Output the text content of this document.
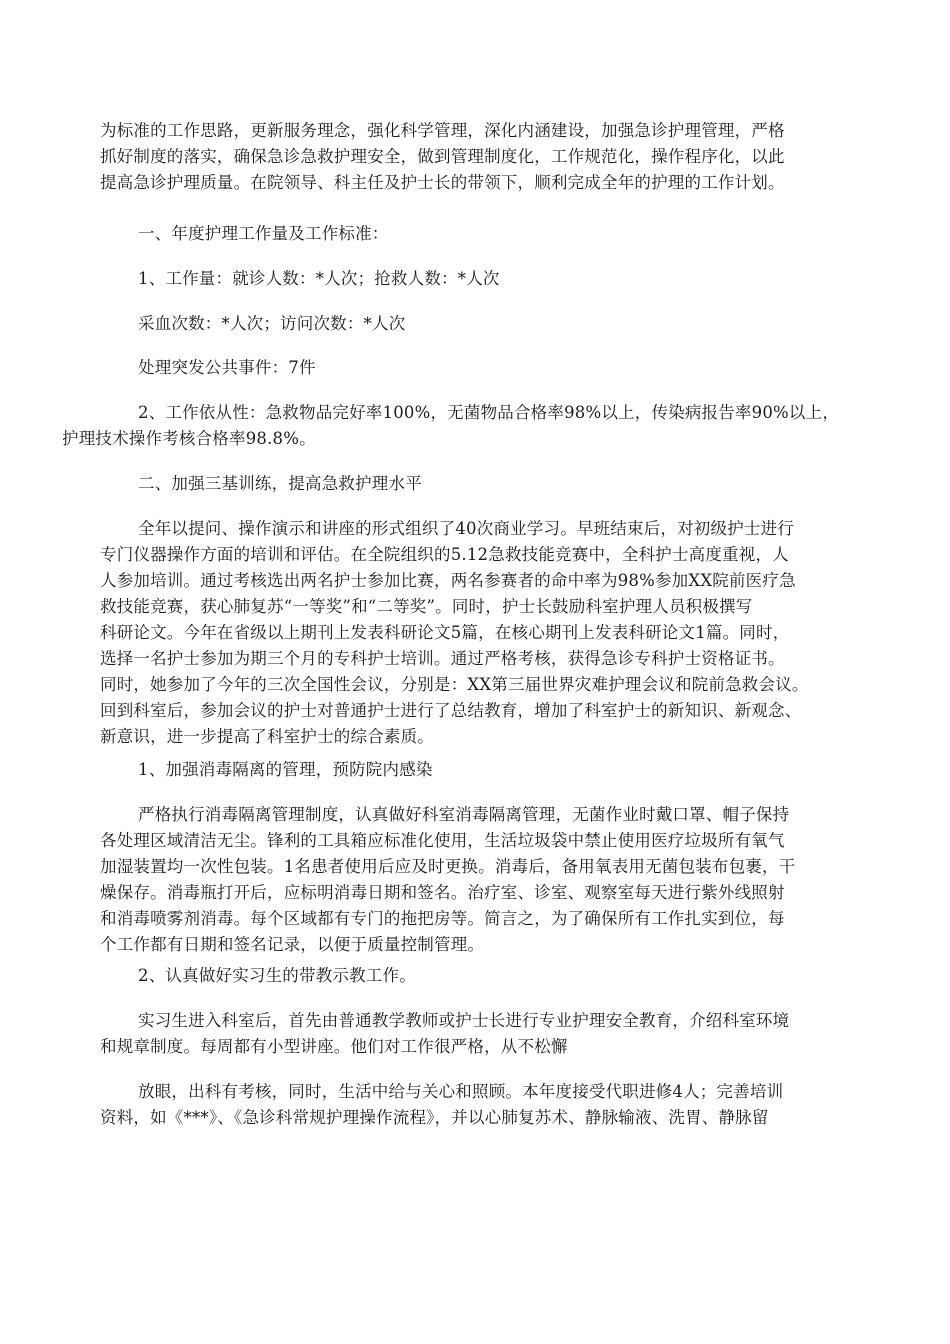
为标准的工作思路，更新服务理念，强化科学管理，深化内涵建设，加强急诊护理管理，严格
抓好制度的落实，确保急诊急救护理安全，做到管理制度化，工作规范化，操作程序化，以此
提高急诊护理质量。在院领导、科主任及护士长的带领下，顺利完成全年的护理的工作计划。
一、年度护理工作量及工作标准：
1、工作量：就诊人数：*人次；抢救人数：*人次
采血次数：*人次；访问次数：*人次
处理突发公共事件：7件
2、工作依从性：急救物品完好率100%，无菌物品合格率98%以上，传染病报告率90%以上，
护理技术操作考核合格率98.8%。
二、加强三基训练，提高急救护理水平
全年以提问、操作演示和讲座的形式组织了40次商业学习。早班结束后，对初级护士进行
专门仪器操作方面的培训和评估。在全院组织的5.12急救技能竞赛中，全科护士高度重视，人
人参加培训。通过考核选出两名护士参加比赛，两名参赛者的命中率为98%参加XX院前医疗急
救技能竞赛，获心肺复苏“一等奖”和“二等奖”。同时，护士长鼓励科室护理人员积极撰写
科研论文。今年在省级以上期刊上发表科研论文5篇，在核心期刊上发表科研论文1篇。同时，
选择一名护士参加为期三个月的专科护士培训。通过严格考核，获得急诊专科护士资格证书。
同时，她参加了今年的三次全国性会议，分别是：XX第三届世界灾难护理会议和院前急救会议。
回到科室后，参加会议的护士对普通护士进行了总结教育，增加了科室护士的新知识、新观念、
新意识，进一步提高了科室护士的综合素质。
1、加强消毒隔离的管理，预防院内感染
严格执行消毒隔离管理制度，认真做好科室消毒隔离管理，无菌作业时戴口罩、帽子保持
各处理区域清洁无尘。锋利的工具箱应标准化使用，生活垃圾袋中禁止使用医疗垃圾所有氧气
加湿装置均一次性包装。1名患者使用后应及时更换。消毒后，备用氧表用无菌包装布包裹，干
燥保存。消毒瓶打开后，应标明消毒日期和签名。治疗室、诊室、观察室每天进行紫外线照射
和消毒喷雾剂消毒。每个区域都有专门的拖把房等。简言之，为了确保所有工作扎实到位，每
个工作都有日期和签名记录，以便于质量控制管理。
2、认真做好实习生的带教示教工作。
实习生进入科室后，首先由普通教学教师或护士长进行专业护理安全教育，介绍科室环境
和规章制度。每周都有小型讲座。他们对工作很严格，从不松懈
放眼，出科有考核，同时，生活中给与关心和照顾。本年度接受代职进修4人；完善培训
资料，如《***》、《急诊科常规护理操作流程》，并以心肺复苏术、静脉输液、洗胃、静脉留
